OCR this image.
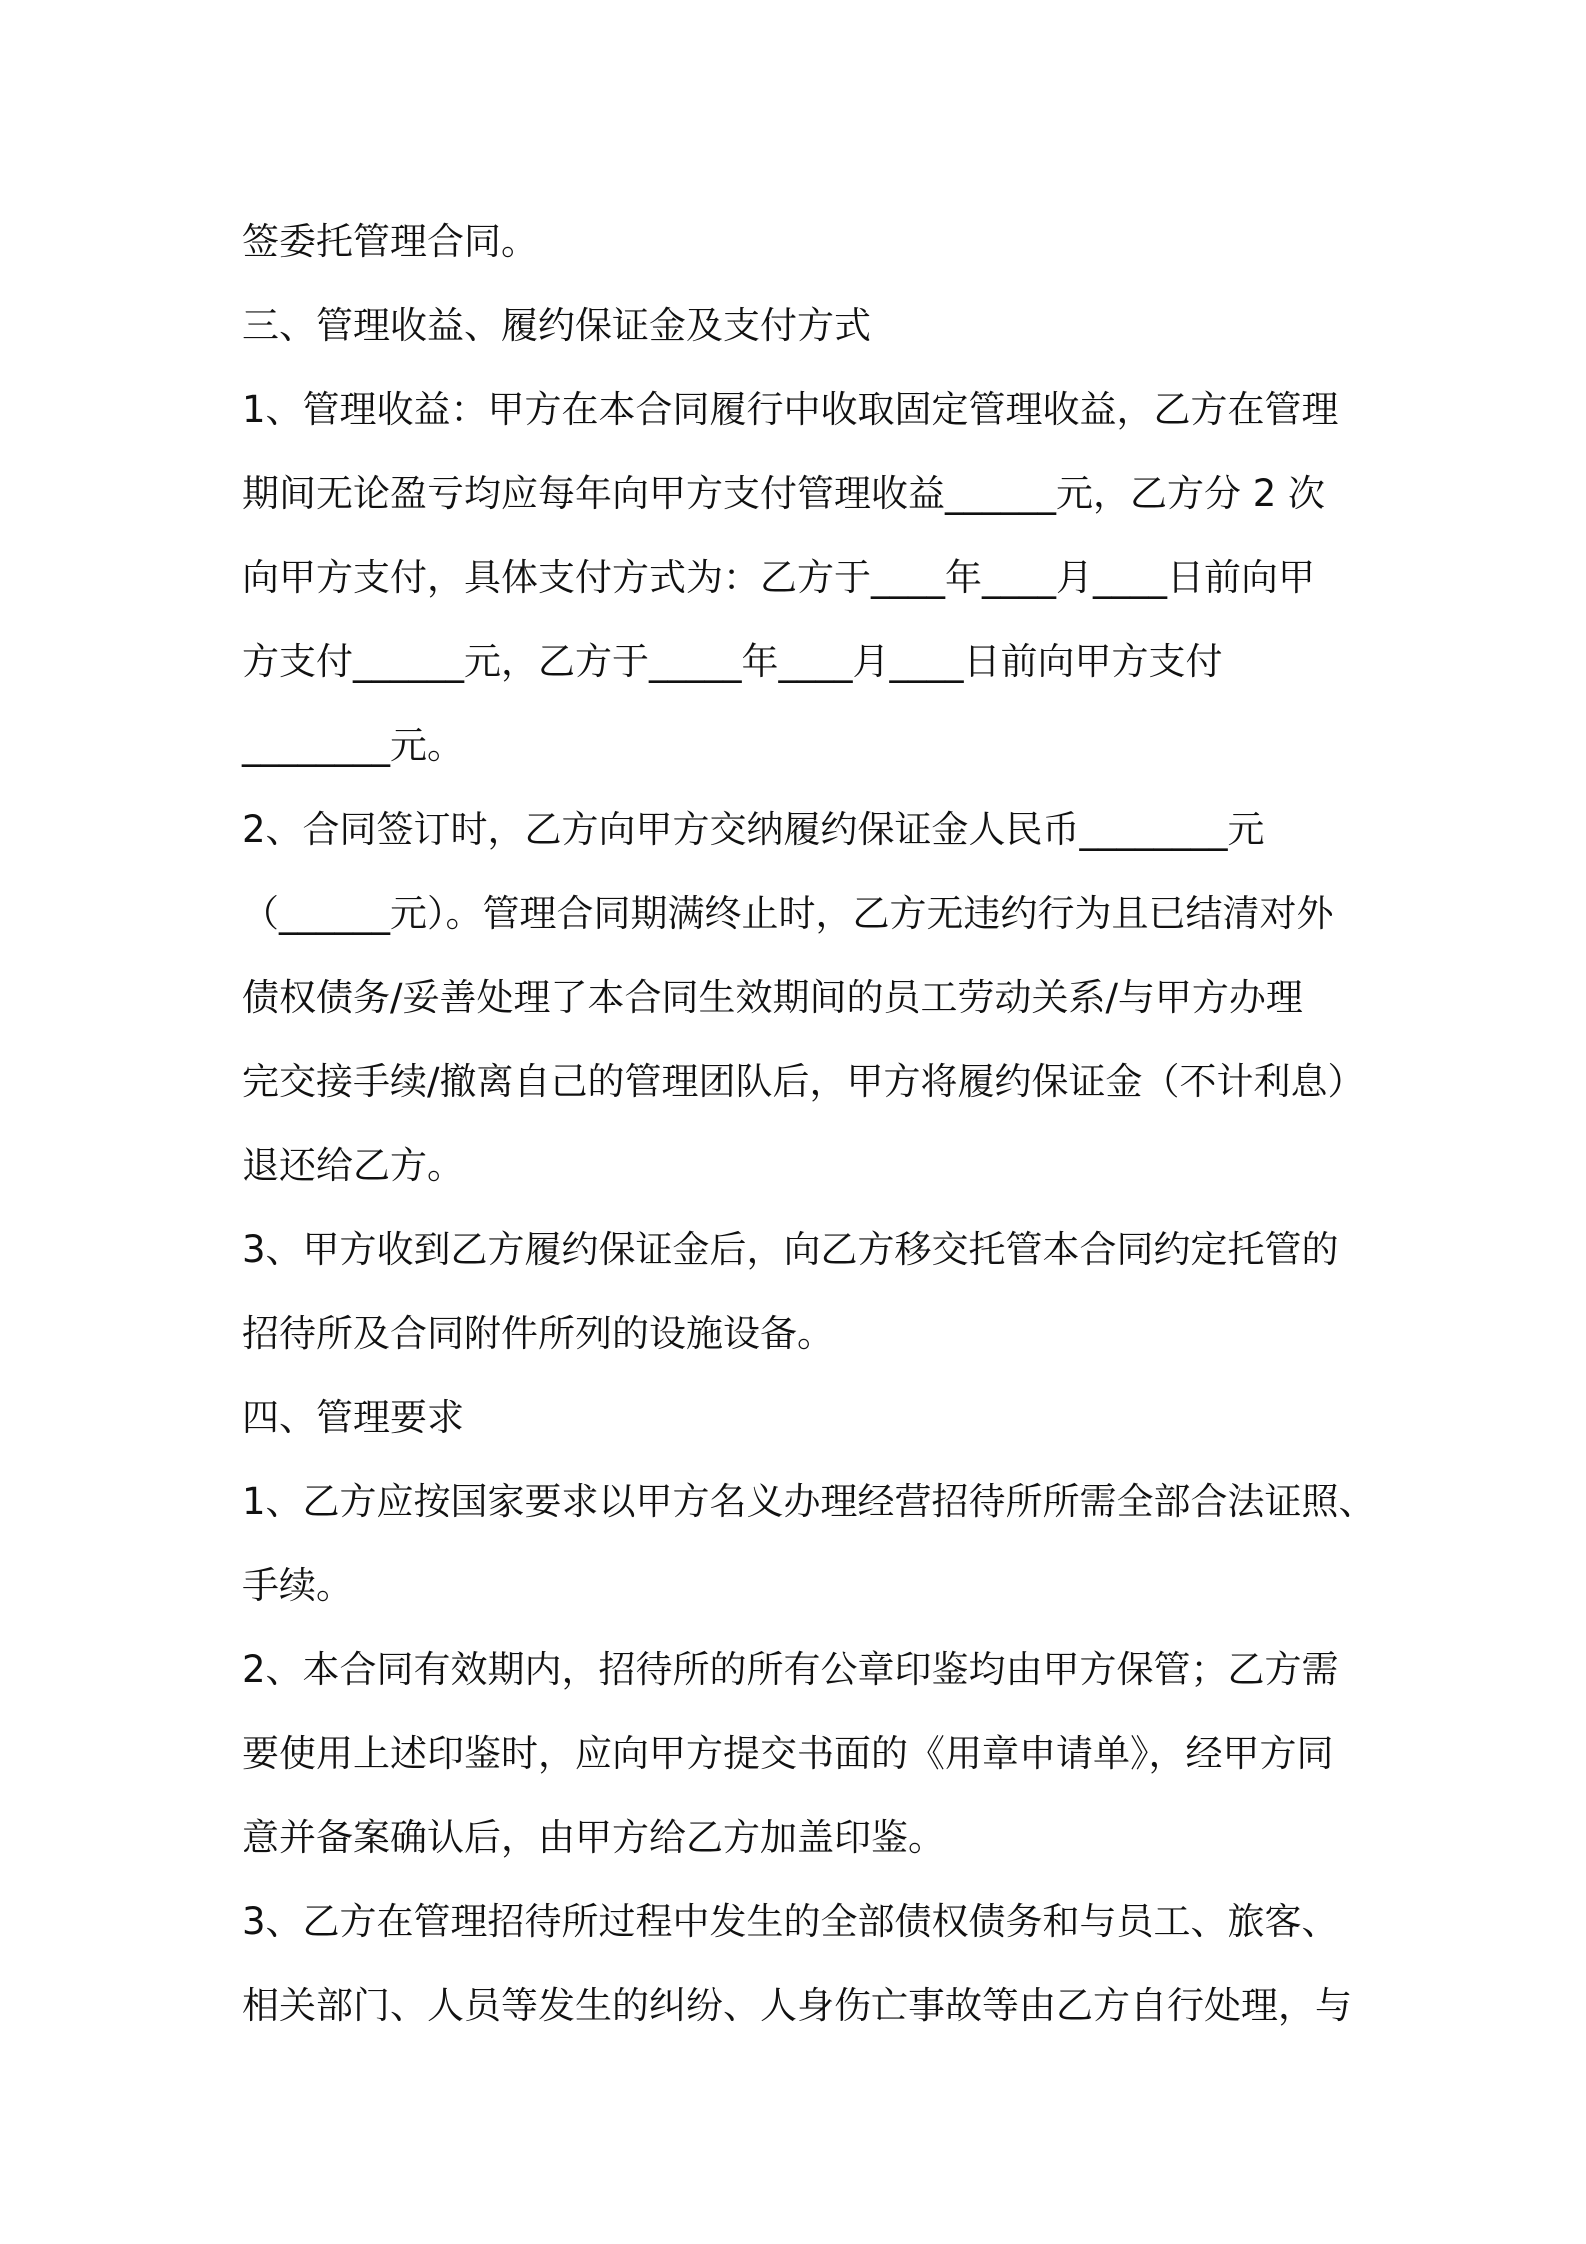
签委托管理合同。

三、管理收益、履约保证金及支付方式

1、管理收益：甲方在本合同履行中收取固定管理收益，乙方在管理

期间无论盈亏均应每年向甲方支付管理收益______元，乙方分 2 次

向甲方支付，具体支付方式为：乙方于____年____月____日前向甲

方支付______元，乙方于_____年____月____日前向甲方支付

________元。

2、合同签订时，乙方向甲方交纳履约保证金人民币________元

（______元）。管理合同期满终止时，乙方无违约行为且已结清对外

债权债务/妥善处理了本合同生效期间的员工劳动关系/与甲方办理

完交接手续/撤离自己的管理团队后，甲方将履约保证金（不计利息）

退还给乙方。

3、甲方收到乙方履约保证金后，向乙方移交托管本合同约定托管的

招待所及合同附件所列的设施设备。

四、管理要求

1、乙方应按国家要求以甲方名义办理经营招待所所需全部合法证照、

手续。

2、本合同有效期内，招待所的所有公章印鉴均由甲方保管；乙方需

要使用上述印鉴时，应向甲方提交书面的《用章申请单》，经甲方同

意并备案确认后，由甲方给乙方加盖印鉴。

3、乙方在管理招待所过程中发生的全部债权债务和与员工、旅客、

相关部门、人员等发生的纠纷、人身伤亡事故等由乙方自行处理，与
